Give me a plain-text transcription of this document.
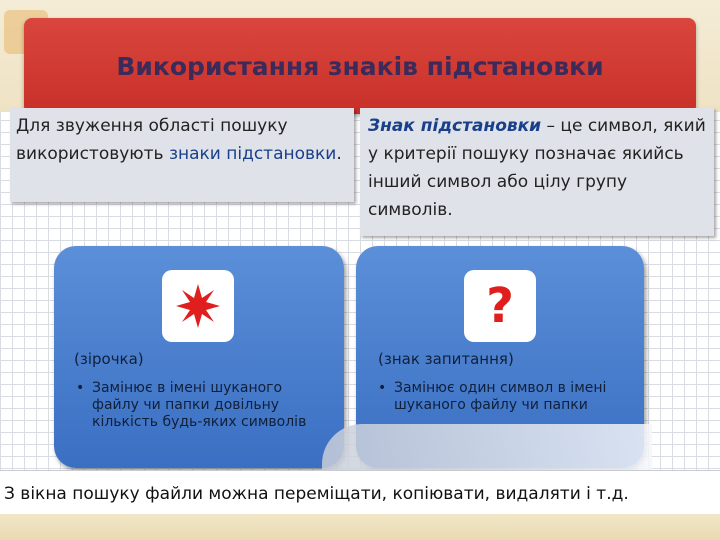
Використання знаків підстановки
Для звуження області пошуку використовують знаки підстановки.
Знак підстановки – це символ, який у критерії пошуку позначає якийсь інший символ або цілу групу символів.
(зірочка)
• Замінює в імені шуканого файлу чи папки довільну кількість будь-яких символів
?
(знак запитання)
• Замінює один символ в імені шуканого файлу чи папки
З вікна пошуку файли можна переміщати, копіювати, видаляти і т.д.
